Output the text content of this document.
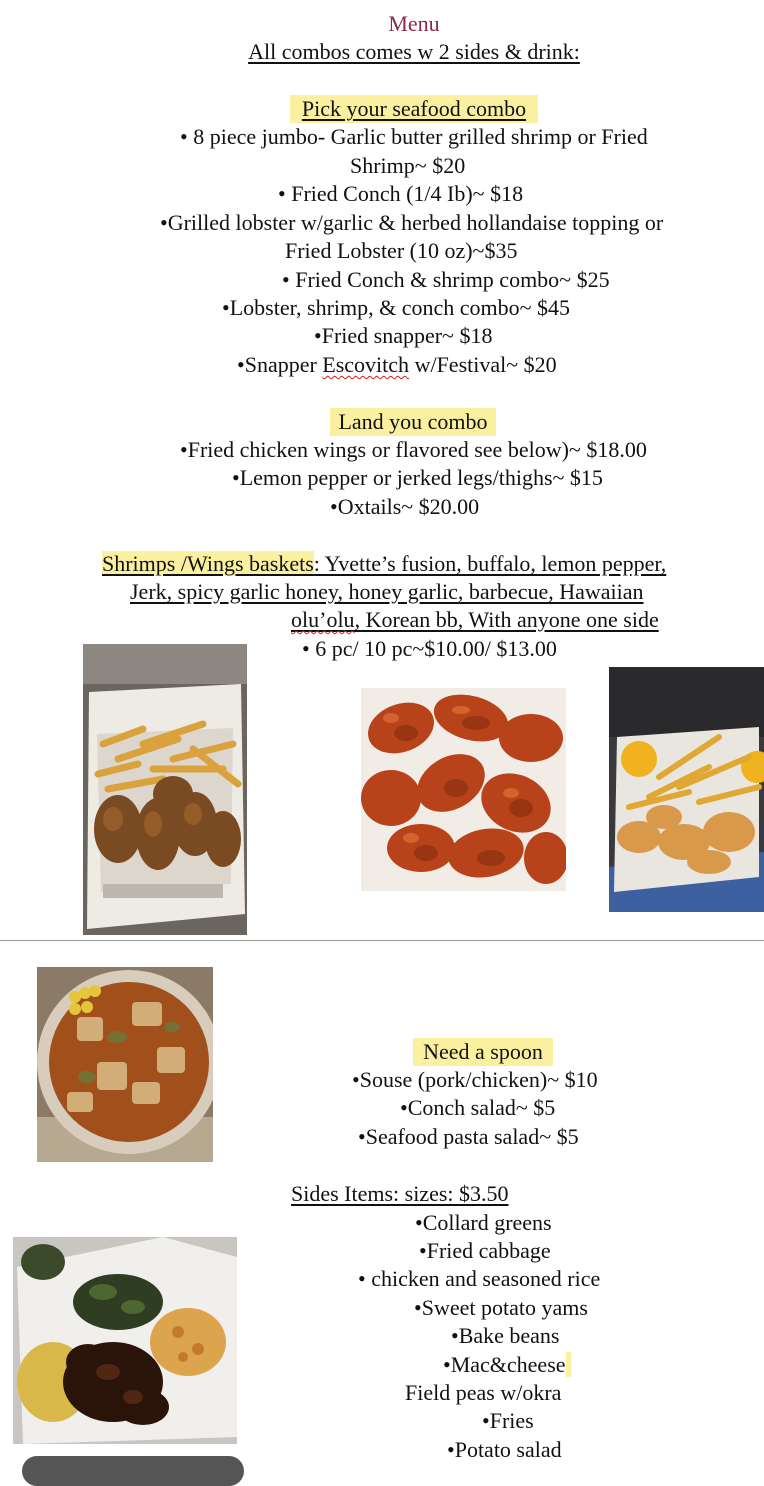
Menu
All combos comes w 2 sides & drink:
Pick your seafood combo
• 8 piece jumbo- Garlic butter grilled shrimp or Fried
Shrimp~ $20
• Fried Conch (1/4 Ib)~ $18
•Grilled lobster w/garlic & herbed hollandaise topping or
Fried Lobster (10 oz)~$35
• Fried Conch & shrimp combo~ $25
•Lobster, shrimp, & conch combo~ $45
•Fried snapper~ $18
•Snapper Escovitch w/Festival~ $20
Land you combo
•Fried chicken wings or flavored see below)~ $18.00
•Lemon pepper or jerked legs/thighs~ $15
•Oxtails~ $20.00
Shrimps /Wings baskets: Yvette’s fusion, buffalo, lemon pepper,
Jerk, spicy garlic honey, honey garlic, barbecue, Hawaiian
olu’olu, Korean bb, With anyone one side
• 6 pc/ 10 pc~$10.00/ $13.00
Need a spoon
•Souse (pork/chicken)~ $10
•Conch salad~ $5
•Seafood pasta salad~ $5
Sides Items: sizes: $3.50
•Collard greens
•Fried cabbage
• chicken and seasoned rice
•Sweet potato yams
•Bake beans
•Mac&cheese
Field peas w/okra
•Fries
•Potato salad
